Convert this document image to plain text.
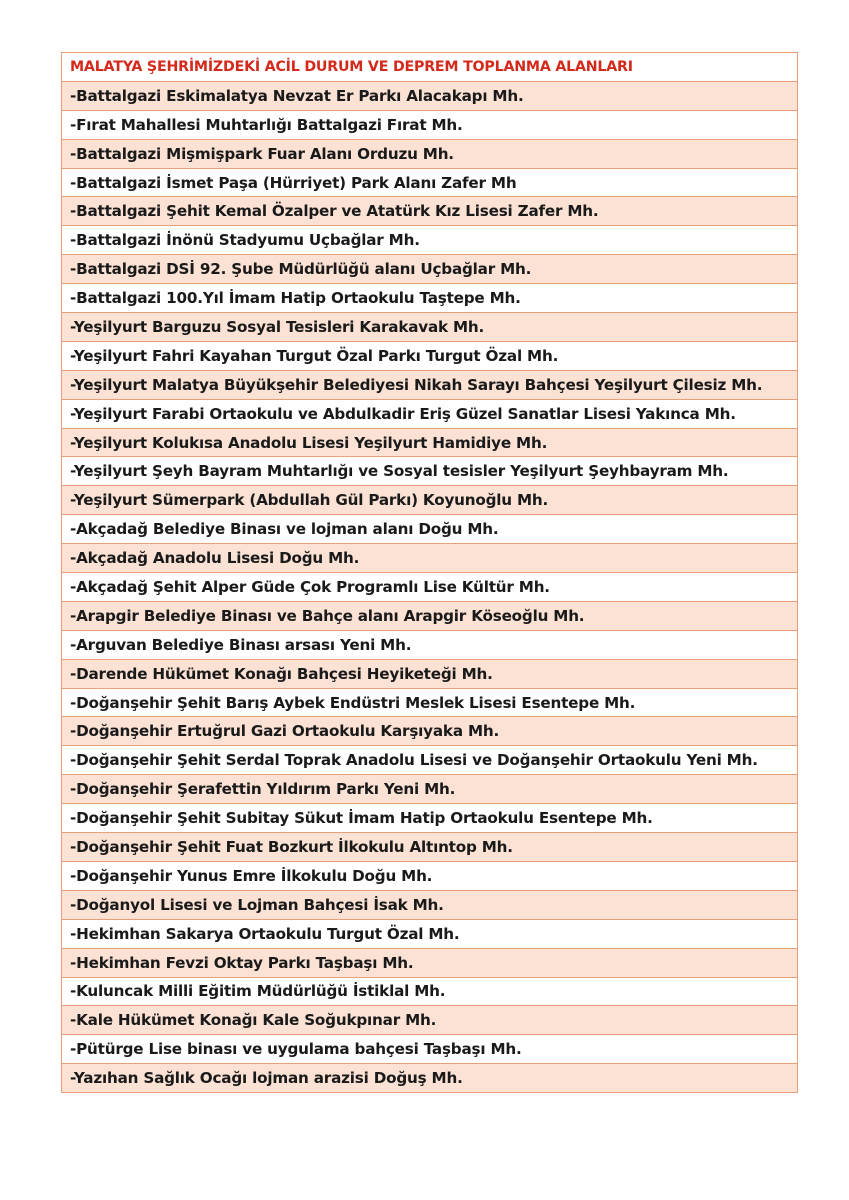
MALATYA ŞEHRİMİZDEKİ ACİL DURUM VE DEPREM TOPLANMA ALANLARI
-Battalgazi Eskimalatya Nevzat Er Parkı Alacakapı Mh.
-Fırat Mahallesi Muhtarlığı Battalgazi Fırat Mh.
-Battalgazi Mişmişpark Fuar Alanı Orduzu Mh.
-Battalgazi İsmet Paşa (Hürriyet) Park Alanı Zafer Mh
-Battalgazi Şehit Kemal Özalper ve Atatürk Kız Lisesi Zafer Mh.
-Battalgazi İnönü Stadyumu Uçbağlar Mh.
-Battalgazi DSİ 92. Şube Müdürlüğü alanı Uçbağlar Mh.
-Battalgazi 100.Yıl İmam Hatip Ortaokulu Taştepe Mh.
-Yeşilyurt Barguzu Sosyal Tesisleri Karakavak Mh.
-Yeşilyurt Fahri Kayahan Turgut Özal Parkı Turgut Özal Mh.
-Yeşilyurt Malatya Büyükşehir Belediyesi Nikah Sarayı Bahçesi Yeşilyurt Çilesiz Mh.
-Yeşilyurt Farabi Ortaokulu ve Abdulkadir Eriş Güzel Sanatlar Lisesi Yakınca Mh.
-Yeşilyurt Kolukısa Anadolu Lisesi Yeşilyurt Hamidiye Mh.
-Yeşilyurt Şeyh Bayram Muhtarlığı ve Sosyal tesisler Yeşilyurt Şeyhbayram Mh.
-Yeşilyurt Sümerpark (Abdullah Gül Parkı) Koyunoğlu Mh.
-Akçadağ Belediye Binası ve lojman alanı Doğu Mh.
-Akçadağ Anadolu Lisesi Doğu Mh.
-Akçadağ Şehit Alper Güde Çok Programlı Lise Kültür Mh.
-Arapgir Belediye Binası ve Bahçe alanı Arapgir Köseoğlu Mh.
-Arguvan Belediye Binası arsası Yeni Mh.
-Darende Hükümet Konağı Bahçesi Heyiketeği Mh.
-Doğanşehir Şehit Barış Aybek Endüstri Meslek Lisesi Esentepe Mh.
-Doğanşehir Ertuğrul Gazi Ortaokulu Karşıyaka Mh.
-Doğanşehir Şehit Serdal Toprak Anadolu Lisesi ve Doğanşehir Ortaokulu Yeni Mh.
-Doğanşehir Şerafettin Yıldırım Parkı Yeni Mh.
-Doğanşehir Şehit Subitay Sükut İmam Hatip Ortaokulu Esentepe Mh.
-Doğanşehir Şehit Fuat Bozkurt İlkokulu Altıntop Mh.
-Doğanşehir Yunus Emre İlkokulu Doğu Mh.
-Doğanyol Lisesi ve Lojman Bahçesi İsak Mh.
-Hekimhan Sakarya Ortaokulu Turgut Özal Mh.
-Hekimhan Fevzi Oktay Parkı Taşbaşı Mh.
-Kuluncak Milli Eğitim Müdürlüğü İstiklal Mh.
-Kale Hükümet Konağı Kale Soğukpınar Mh.
-Pütürge Lise binası ve uygulama bahçesi Taşbaşı Mh.
-Yazıhan Sağlık Ocağı lojman arazisi Doğuş Mh.
